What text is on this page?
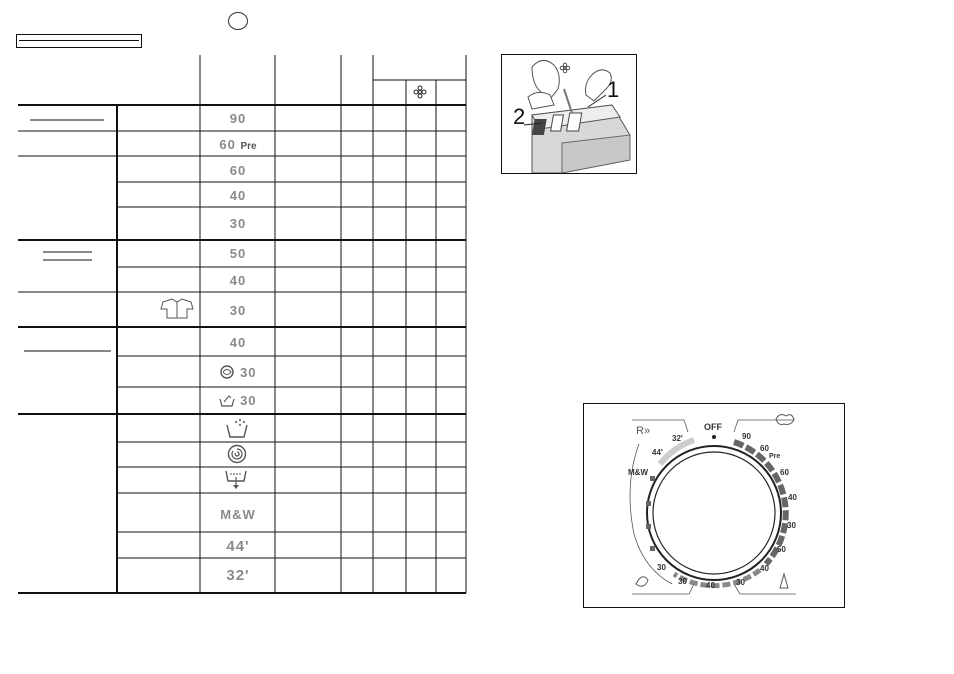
90
60 Pre
60
40
30
50
40
30
40
30
30
M&W
44'
32'
1
2
R»	OFF
90
60
Pre
60
40
30
50
40
30
40
30
30
32'
44'
M&W
